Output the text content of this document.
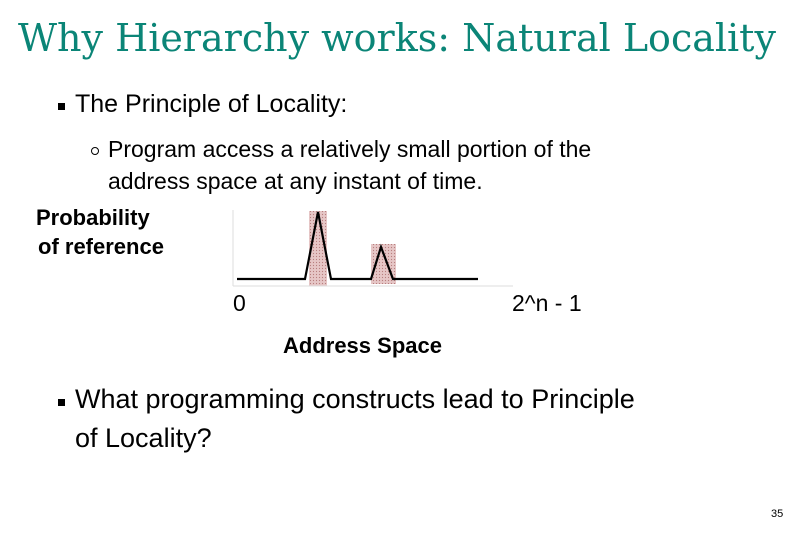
Why Hierarchy works: Natural Locality

The Principle of Locality:

Program access a relatively small portion of the

address space at any instant of time.

Probability

of reference

0	2^n - 1

Address Space

What programming constructs lead to Principle

of Locality?

35
